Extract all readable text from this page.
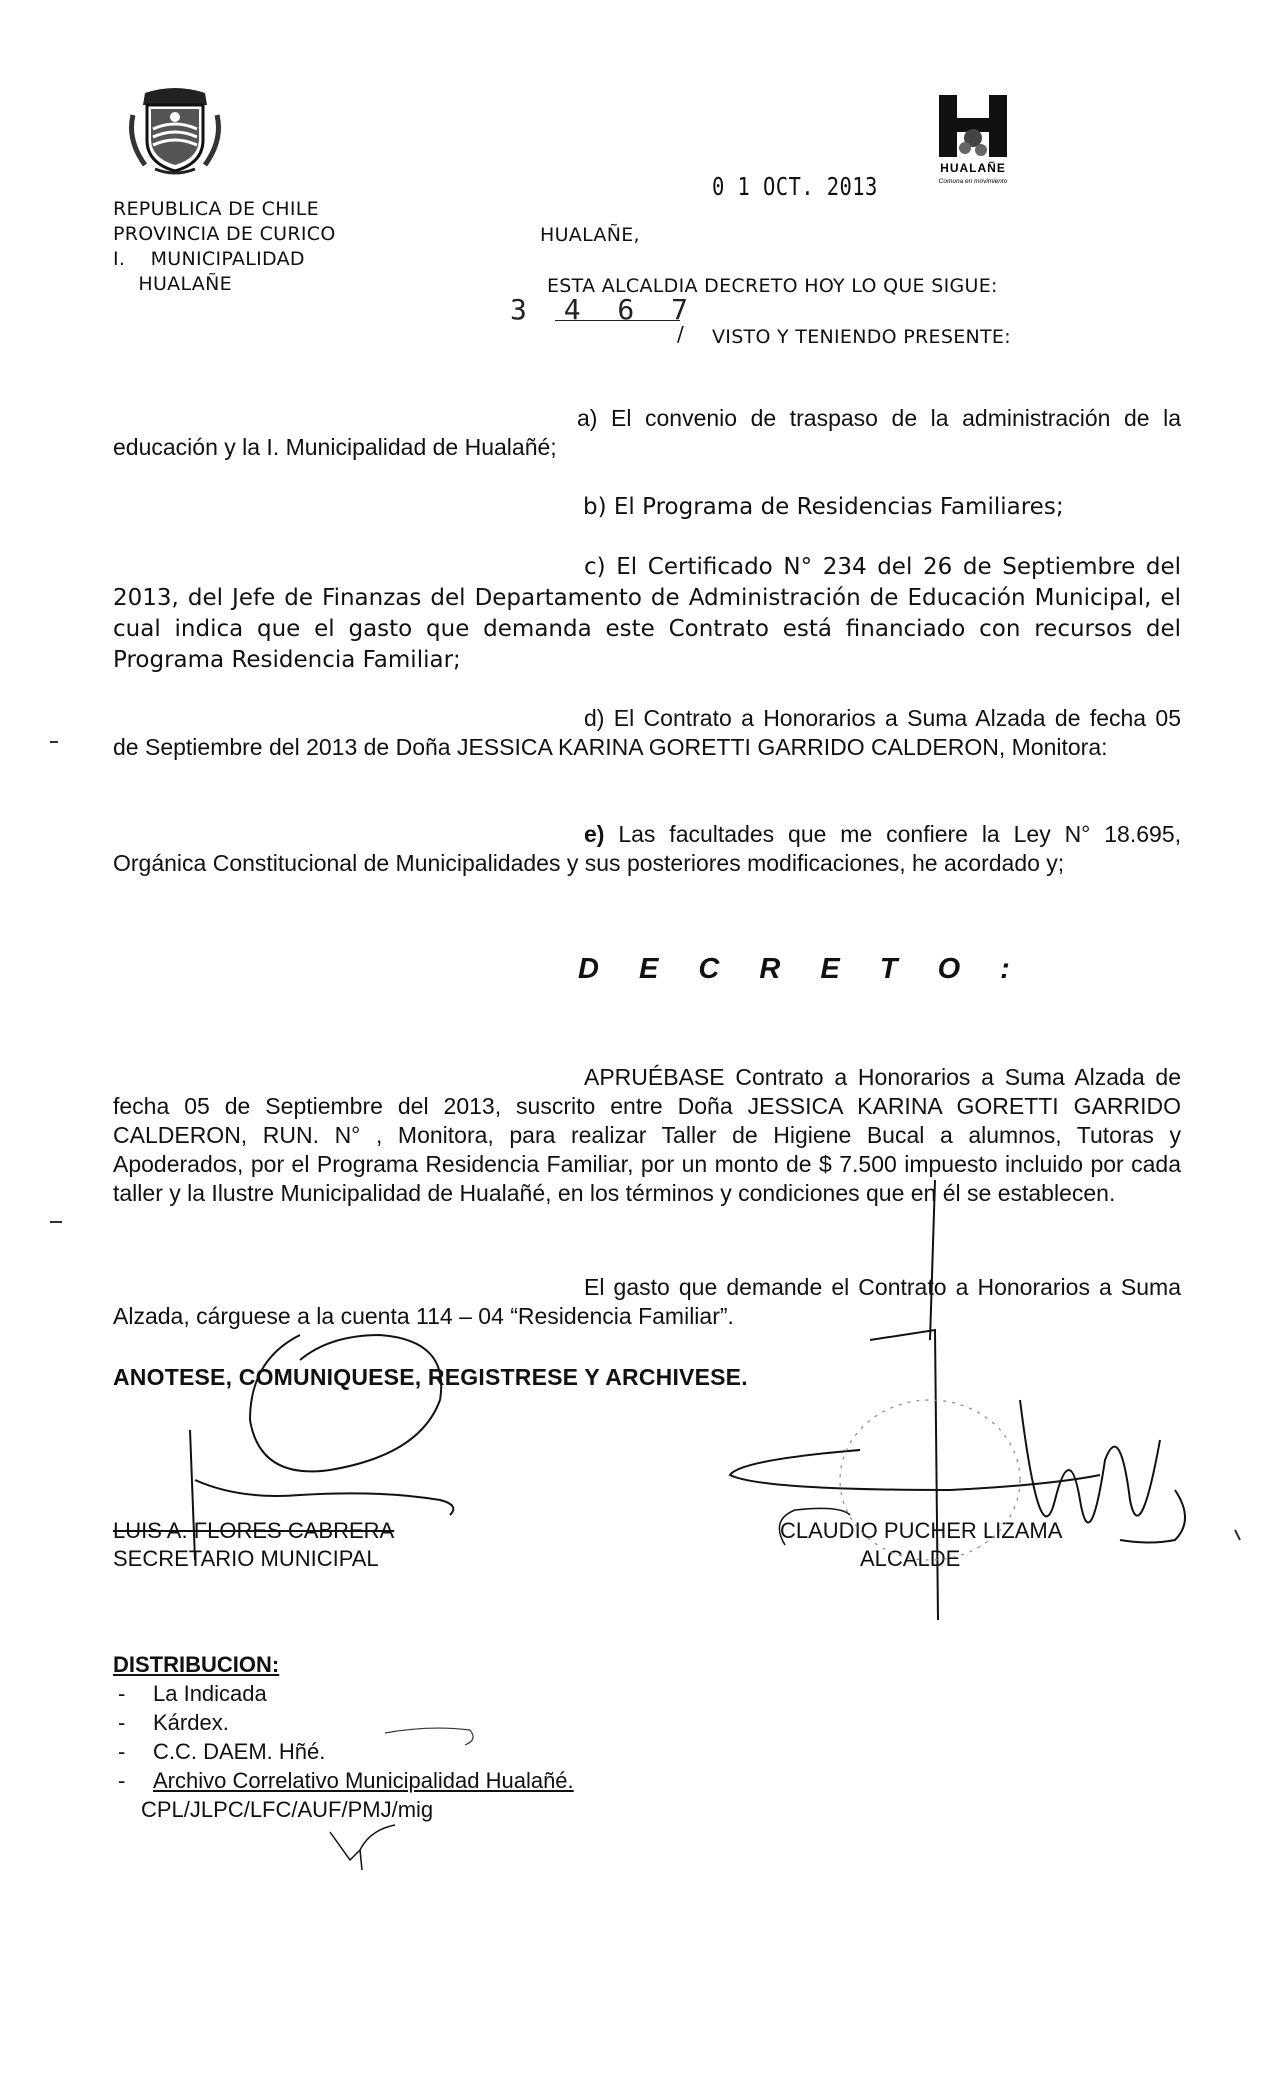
HUALAÑE
Comuna en movimiento
REPUBLICA DE CHILE
PROVINCIA DE CURICO
I.    MUNICIPALIDAD
HUALAÑE
0 1 OCT. 2013
HUALAÑE,
ESTA ALCALDIA DECRETO HOY LO QUE SIGUE:
3 4 6 7
/ VISTO Y TENIENDO PRESENTE:
a) El convenio de traspaso de la administración de la educación y la I. Municipalidad de Hualañé;
b) El Programa de Residencias Familiares;
c) El Certificado N° 234 del 26 de Septiembre del 2013, del Jefe de Finanzas del Departamento de Administración de Educación Municipal, el cual indica que el gasto que demanda este Contrato está financiado con recursos del Programa Residencia Familiar;
d) El Contrato a Honorarios a Suma Alzada de fecha 05 de Septiembre del 2013 de Doña JESSICA KARINA GORETTI GARRIDO CALDERON, Monitora:
e) Las facultades que me confiere la Ley N° 18.695, Orgánica Constitucional de Municipalidades y sus posteriores modificaciones, he acordado y;
D E C R E T O :
APRUÉBASE Contrato a Honorarios a Suma Alzada de fecha 05 de Septiembre del 2013, suscrito entre Doña JESSICA KARINA GORETTI GARRIDO CALDERON, RUN. N° , Monitora, para realizar Taller de Higiene Bucal a alumnos, Tutoras y Apoderados, por el Programa Residencia Familiar, por un monto de $ 7.500 impuesto incluido por cada taller y la Ilustre Municipalidad de Hualañé, en los términos y condiciones que en él se establecen.
El gasto que demande el Contrato a Honorarios a Suma Alzada, cárguese a la cuenta 114 – 04 “Residencia Familiar”.
ANOTESE, COMUNIQUESE, REGISTRESE Y ARCHIVESE.
LUIS A. FLORES CABRERA
SECRETARIO MUNICIPAL
CLAUDIO PUCHER LIZAMA
ALCALDE
DISTRIBUCION:
- La Indicada
- Kárdex.
- C.C. DAEM. Hñé.
- Archivo Correlativo Municipalidad Hualañé.
CPL/JLPC/LFC/AUF/PMJ/mig
